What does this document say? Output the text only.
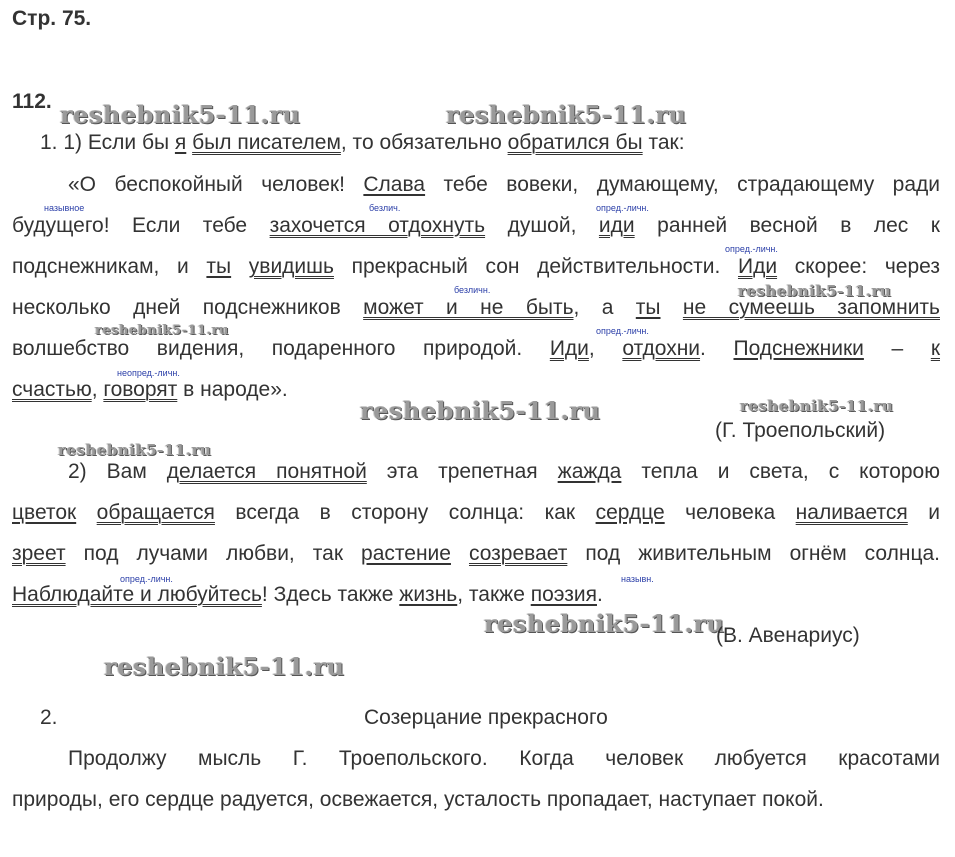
Стр. 75.
112. reshebnik5-11.ru	reshebnik5-11.ru
reshebnik5-11.ru
reshebnik5-11.ru
reshebnik5-11.ru	reshebnik5-11.ru
reshebnik5-11.ru
reshebnik5-11.ru
reshebnik5-11.ru
назывное	безлич.	опред.-личн.
опред.-личн.
безличн.
опред.-личн.
неопред.-личн.
1. 1) Если бы я был писателем, то обязательно обратился бы так:
«О беспокойный человек! Слава тебе вовеки, думающему, страдающему ради
будущего! Если тебе захочется отдохнуть душой, иди ранней весной в лес к
подснежникам, и ты увидишь прекрасный сон действительности. Иди скорее: через
несколько дней подснежников может и не быть, а ты не сумеешь запомнить
волшебство видения, подаренного природой. Иди, отдохни. Подснежники – к
счастью, говорят в народе».
(Г. Троепольский)
опред.-личн.	назывн.
2) Вам делается понятной эта трепетная жажда тепла и света, с которою
цветок обращается всегда в сторону солнца: как сердце человека наливается и
зреет под лучами любви, так растение созревает под живительным огнём солнца.
Наблюдайте и любуйтесь! Здесь также жизнь, также поэзия.
(В. Авенариус)
2.	Созерцание прекрасного
Продолжу мысль Г. Троепольского. Когда человек любуется красотами
природы, его сердце радуется, освежается, усталость пропадает, наступает покой.
